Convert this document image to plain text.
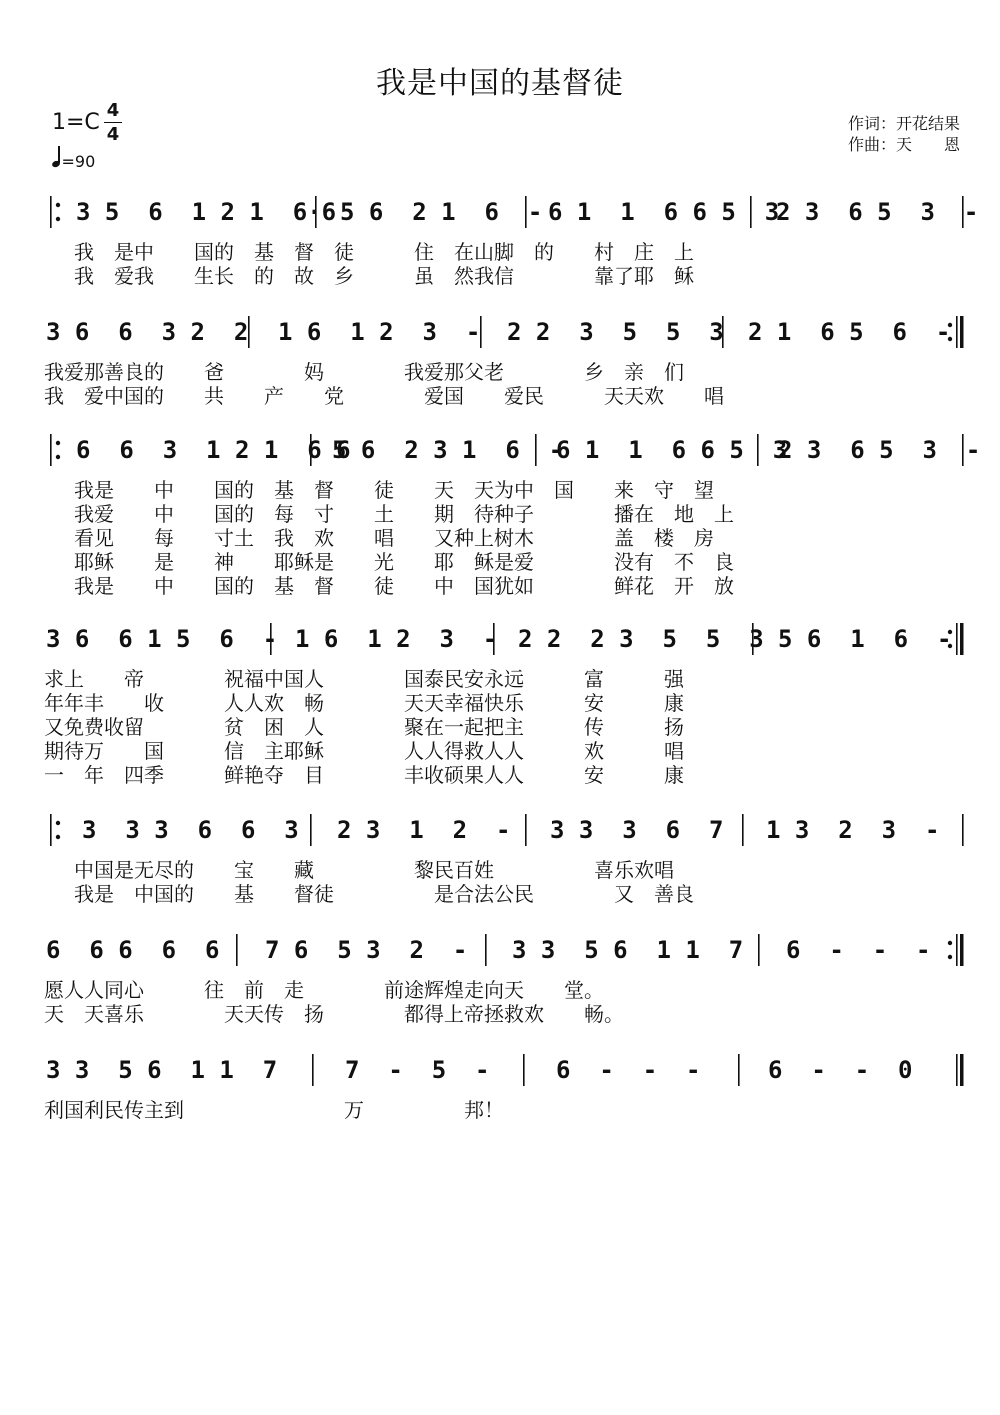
我是中国的基督徒
1=C 4
4
=90
作词：开花结果
作曲：天　　恩
3 5  6  1 2 1  6·6 5 6  2 1  6  - 6 1  1  6 6 5  3
2 3  6 5  3  -
我　是中　　国的　基　督　徒　　　住　在山脚　的　　村　庄　上
我　爱我　　生长　的　故　乡　　　虽　然我信　　　　靠了耶　稣
3 6  6  3 2  2 1 6  1 2  3  - 2 2  3  5  5  3 2 1  6 5  6  -
我爱那善良的　　爸　　　　妈　　　　我爱那父老　　　　乡　亲　们
我　爱中国的　　共　　产　　党　　　　爱国　　爱民　　　天天欢　　唱
6  6  3  1 2 1  6 6
5 6  2 3 1  6  -
6 1  1  6 6 5  3
2 3  6 5  3  -
我是　　中　　国的　基　督　　徒　　天　天为中　国　　来　守　望
我爱　　中　　国的　每　寸　　土　　期　待种子　　　　播在　地　上
看见　　每　　寸土　我　欢　　唱　　又种上树木　　　　盖　楼　房
耶稣　　是　　神　　耶稣是　　光　　耶　稣是爱　　　　没有　不　良
我是　　中　　国的　基　督　　徒　　中　国犹如　　　　鲜花　开　放
3 6  6 1 5  6  - 1 6  1 2  3  - 2 2  2 3  5  5  3 5 6  1  6  -
求上　　帝　　　　祝福中国人　　　　国泰民安永远　　　富　　　强
年年丰　　收　　　人人欢　畅　　　　天天幸福快乐　　　安　　　康
又免费收留　　　　贫　困　人　　　　聚在一起把主　　　传　　　扬
期待万　　国　　　信　主耶稣　　　　人人得救人人　　　欢　　　唱
一　年　四季　　　鲜艳夺　目　　　　丰收硕果人人　　　安　　　康
3  3 3  6  6  3 2 3  1  2  - 3 3  3  6  7 1 3  2  3  -
中国是无尽的　　宝　　藏　　　　　黎民百姓　　　　　喜乐欢唱
我是　中国的　　基　　督徒　　　　　是合法公民　　　　又　善良
6  6 6  6  6 7 6  5 3  2  - 3 3  5 6  1 1  7 6  -  -  -
愿人人同心　　　往　前　走　　　　前途辉煌走向天　　堂。
天　天喜乐　　　　天天传　扬　　　　都得上帝拯救欢　　畅。
3 3  5 6  1 1  7	7  -  5  -	6  -  -  -	6  -  -  0
利国利民传主到　　　　　　　　万　　　　　邦！
